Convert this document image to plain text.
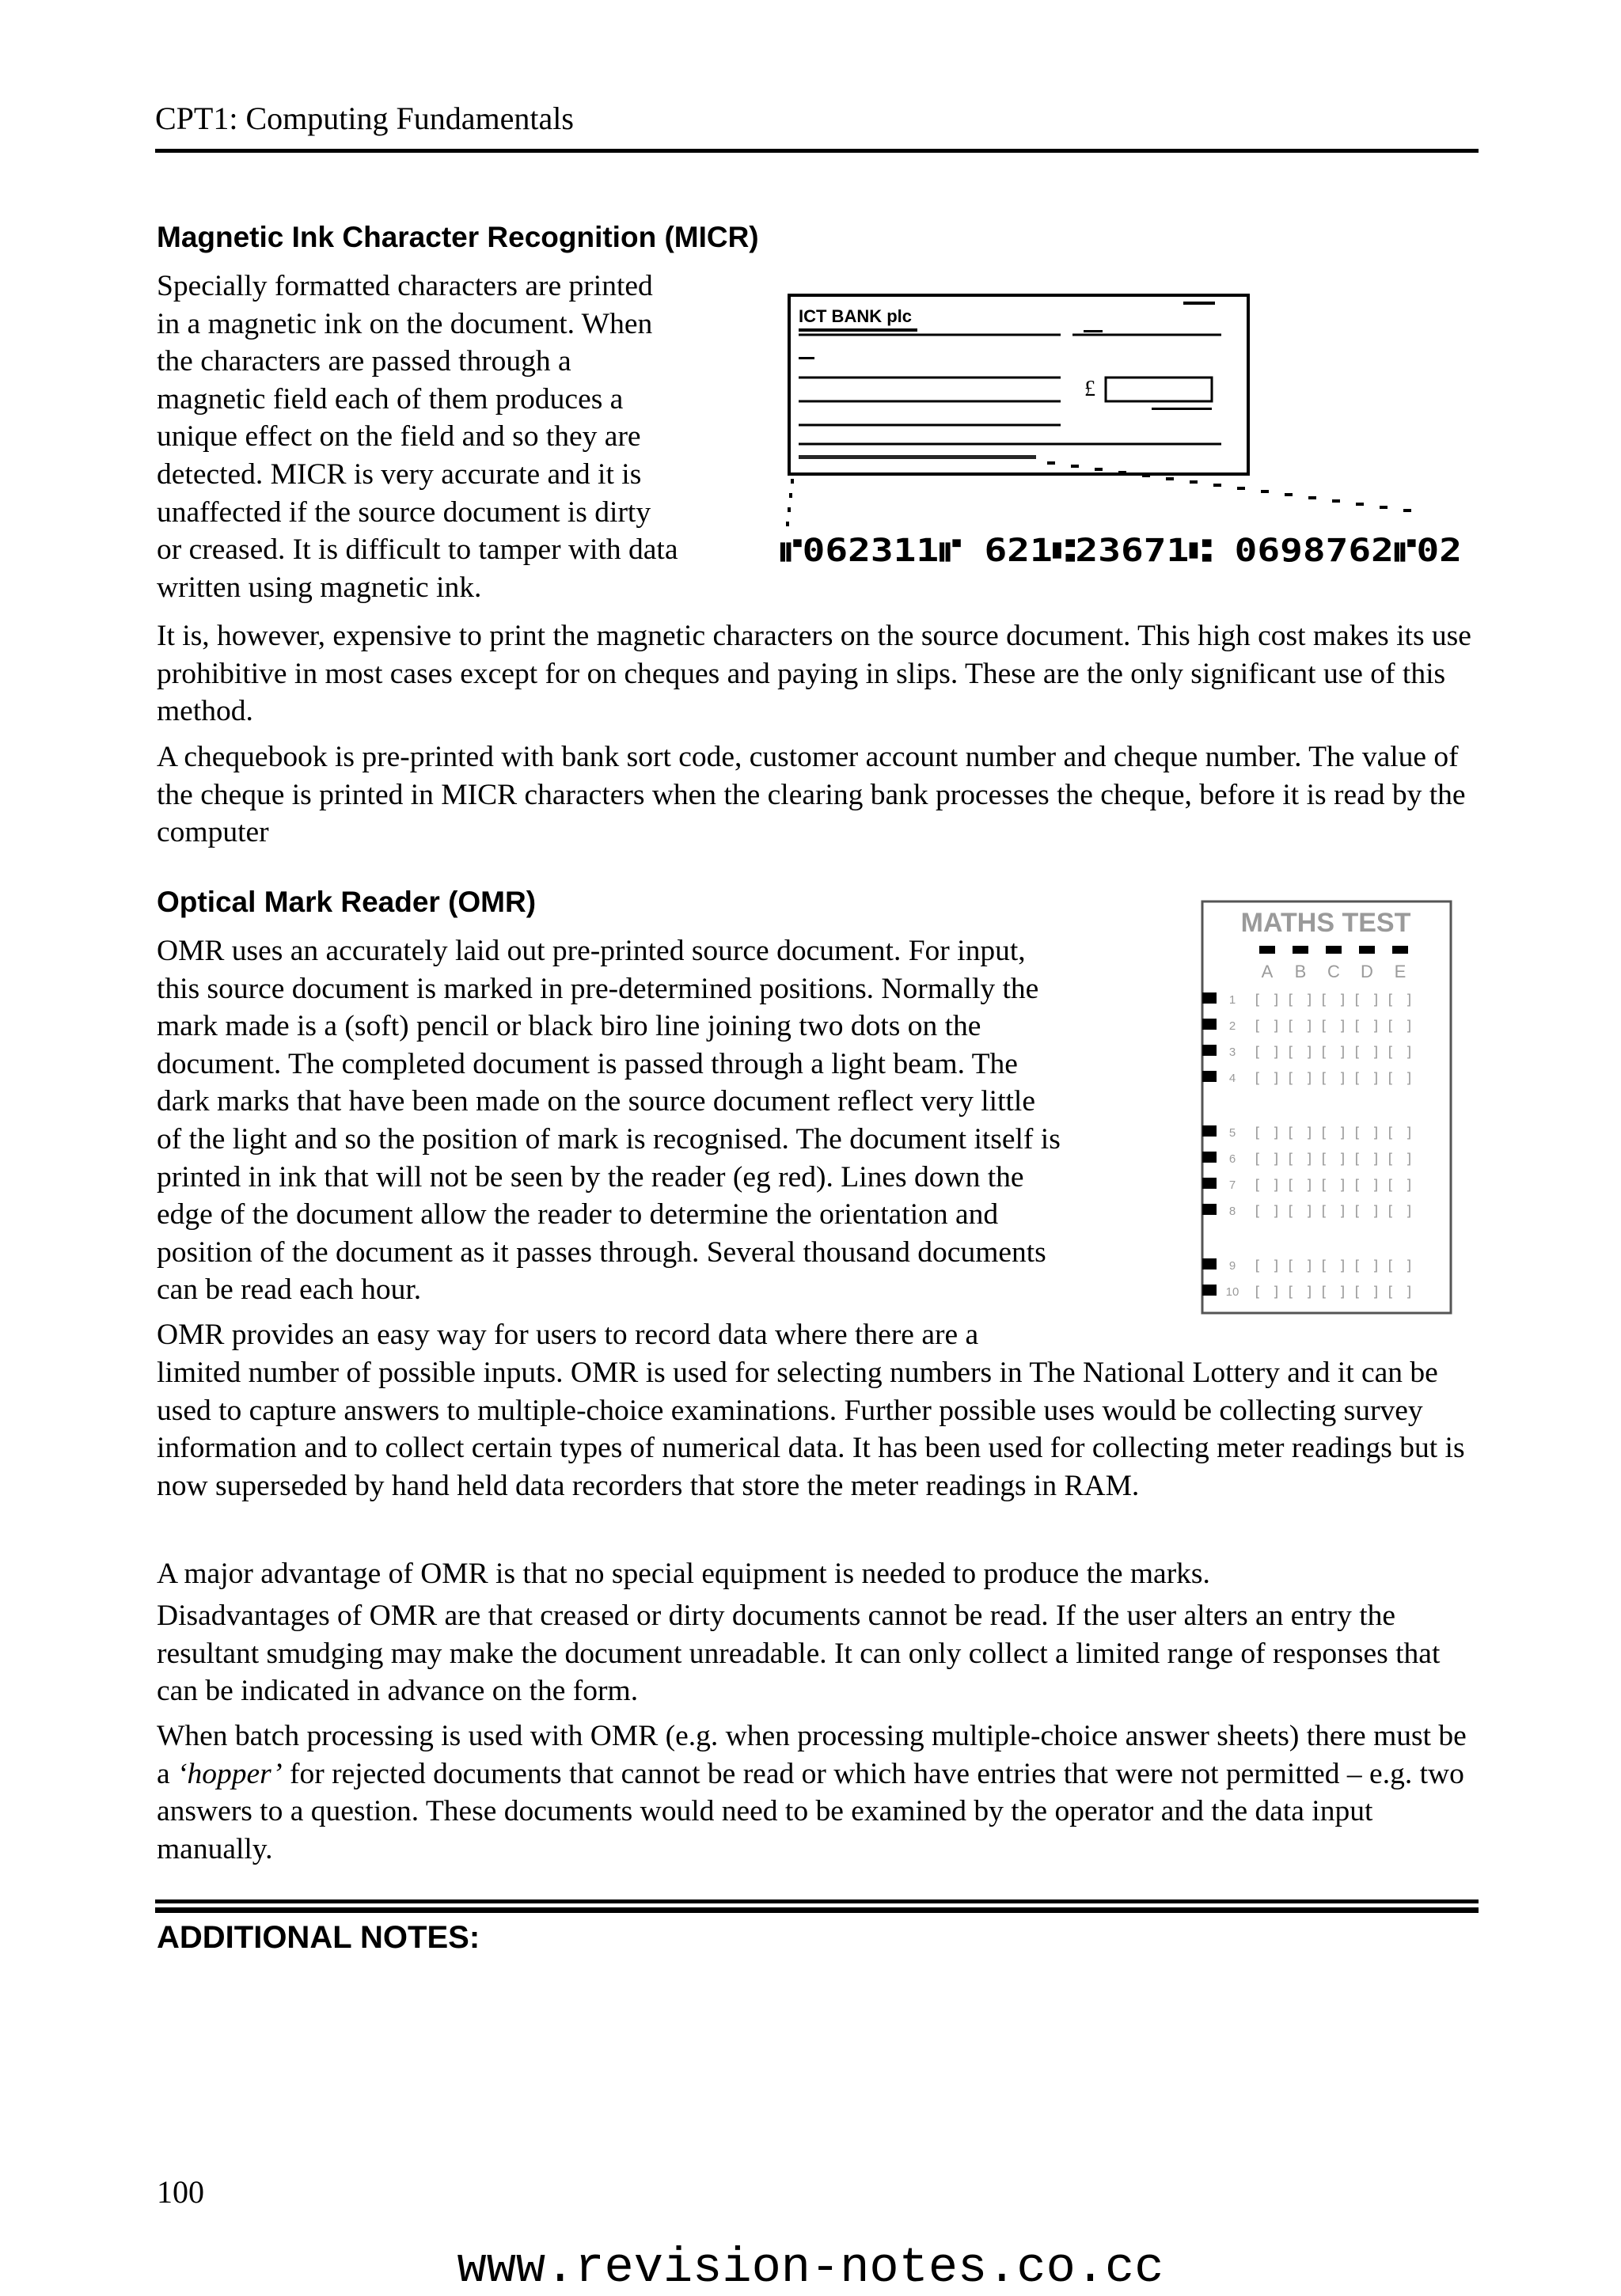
CPT1: Computing Fundamentals
Magnetic Ink Character Recognition (MICR)

Specially formatted characters are printed
in a magnetic ink on the document. When
the characters are passed through a
magnetic field each of them produces a
unique effect on the field and so they are
detected. MICR is very accurate and it is
unaffected if the source document is dirty
or creased. It is difficult to tamper with data
written using magnetic ink.

ICT BANK plc
£
⑈062311⑈ 621⑆23671⑆ 0698762⑈02

It is, however, expensive to print the magnetic characters on the source document. This high cost makes its use prohibitive in most cases except for on cheques and paying in slips. These are the only significant use of this method.

A chequebook is pre-printed with bank sort code, customer account number and cheque number. The value of the cheque is printed in MICR characters when the clearing bank processes the cheque, before it is read by the computer

Optical Mark Reader (OMR)

OMR uses an accurately laid out pre-printed source document. For input,
this source document is marked in pre-determined positions. Normally the
mark made is a (soft) pencil or black biro line joining two dots on the
document. The completed document is passed through a light beam. The
dark marks that have been made on the source document reflect very little
of the light and so the position of mark is recognised. The document itself is
printed in ink that will not be seen by the reader (eg red). Lines down the
edge of the document allow the reader to determine the orientation and
position of the document as it passes through. Several thousand documents
can be read each hour.

MATHS TEST
A B C D E
1 [ ] [ ] [ ] [ ] [ ]
2 [ ] [ ] [ ] [ ] [ ]
3 [ ] [ ] [ ] [ ] [ ]
4 [ ] [ ] [ ] [ ] [ ]
5 [ ] [ ] [ ] [ ] [ ]
6 [ ] [ ] [ ] [ ] [ ]
7 [ ] [ ] [ ] [ ] [ ]
8 [ ] [ ] [ ] [ ] [ ]
9 [ ] [ ] [ ] [ ] [ ]
10 [ ] [ ] [ ] [ ] [ ]

OMR provides an easy way for users to record data where there are a

limited number of possible inputs. OMR is used for selecting numbers in The National Lottery and it can be used to capture answers to multiple-choice examinations. Further possible uses would be collecting survey information and to collect certain types of numerical data. It has been used for collecting meter readings but is now superseded by hand held data recorders that store the meter readings in RAM.

A major advantage of OMR is that no special equipment is needed to produce the marks.

Disadvantages of OMR are that creased or dirty documents cannot be read. If the user alters an entry the resultant smudging may make the document unreadable. It can only collect a limited range of responses that can be indicated in advance on the form.

When batch processing is used with OMR (e.g. when processing multiple-choice answer sheets) there must be a ‘hopper’ for rejected documents that cannot be read or which have entries that were not permitted – e.g. two answers to a question. These documents would need to be examined by the operator and the data input manually.

ADDITIONAL NOTES:
100
www.revision-notes.co.cc
